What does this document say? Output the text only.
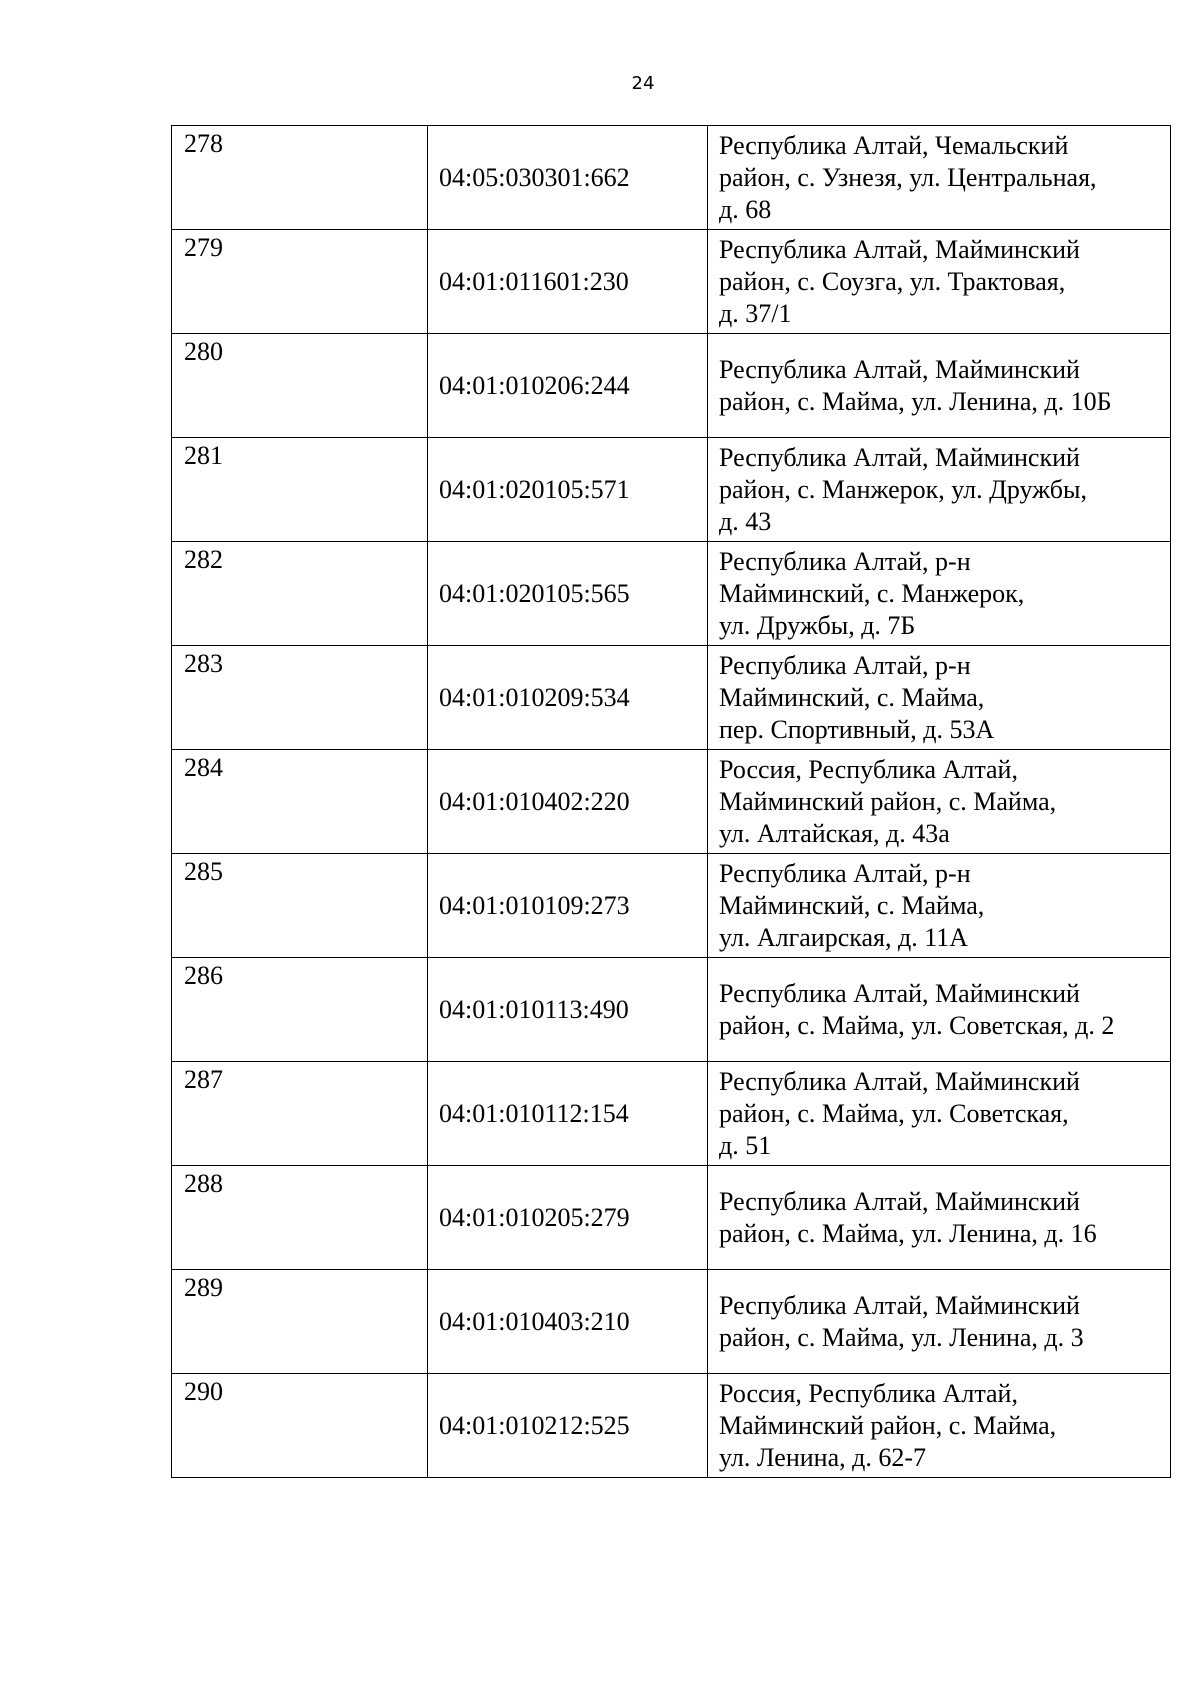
24
278	04:05:030301:662	Республика Алтай, Чемальский
район, с. Узнезя, ул. Центральная,
д. 68

279	04:01:011601:230	Республика Алтай, Майминский
район, с. Соузга, ул. Трактовая,
д. 37/1

280	04:01:010206:244	Республика Алтай, Майминский
район, с. Майма, ул. Ленина, д. 10Б

281	04:01:020105:571	Республика Алтай, Майминский
район, с. Манжерок, ул. Дружбы,
д. 43

282	04:01:020105:565	Республика Алтай, р-н
Майминский, с. Манжерок,
ул. Дружбы, д. 7Б

283	04:01:010209:534	Республика Алтай, р-н
Майминский, с. Майма,
пер. Спортивный, д. 53А

284	04:01:010402:220	Россия, Республика Алтай,
Майминский район, с. Майма,
ул. Алтайская, д. 43а

285	04:01:010109:273	Республика Алтай, р-н
Майминский, с. Майма,
ул. Алгаирская, д. 11А

286	04:01:010113:490	Республика Алтай, Майминский
район, с. Майма, ул. Советская, д. 2

287	04:01:010112:154	Республика Алтай, Майминский
район, с. Майма, ул. Советская,
д. 51

288	04:01:010205:279	Республика Алтай, Майминский
район, с. Майма, ул. Ленина, д. 16

289	04:01:010403:210	Республика Алтай, Майминский
район, с. Майма, ул. Ленина, д. 3

290	04:01:010212:525	Россия, Республика Алтай,
Майминский район, с. Майма,
ул. Ленина, д. 62-7
